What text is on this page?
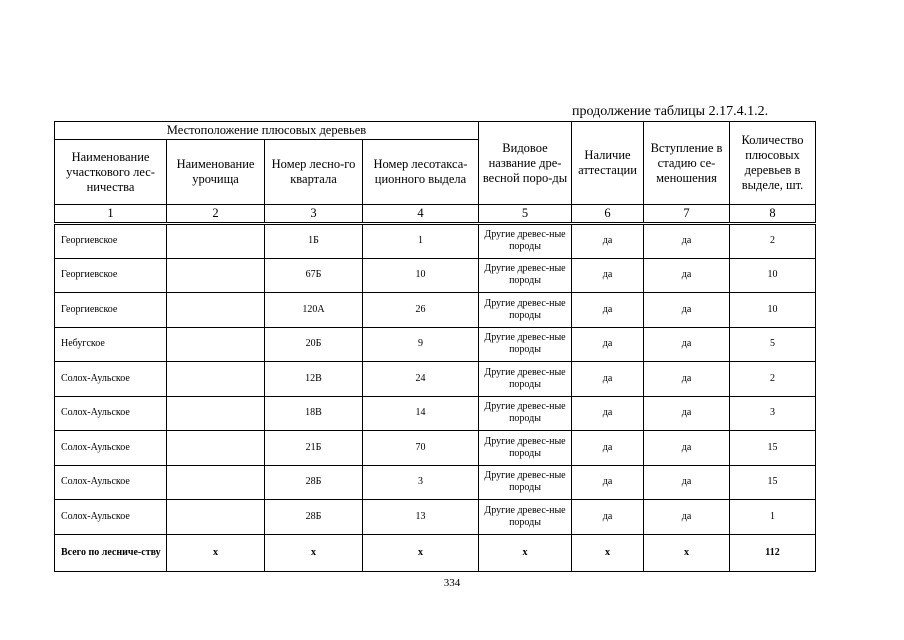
продолжение таблицы 2.17.4.1.2.
Местоположение плюсовых деревьев				Видовое название дре-весной поро-ды	Наличие аттестации	Вступление в стадию се-меношения	Количество плюсовых деревьев в выделе, шт.
Наименование участкового лес-ничества	Наименование урочища	Номер лесно-го квартала	Номер лесотакса-ционного выдела				
1	2	3	4	5	6	7	8
Георгиевское		1Б	1	Другие древес-ные породы	да	да	2
Георгиевское		67Б	10	Другие древес-ные породы	да	да	10
Георгиевское		120А	26	Другие древес-ные породы	да	да	10
Небугское		20Б	9	Другие древес-ные породы	да	да	5
Солох-Аульское		12В	24	Другие древес-ные породы	да	да	2
Солох-Аульское		18В	14	Другие древес-ные породы	да	да	3
Солох-Аульское		21Б	70	Другие древес-ные породы	да	да	15
Солох-Аульское		28Б	3	Другие древес-ные породы	да	да	15
Солох-Аульское		28Б	13	Другие древес-ные породы	да	да	1
Всего по лесниче-ству	х	х	х	х	х	х	112
334
